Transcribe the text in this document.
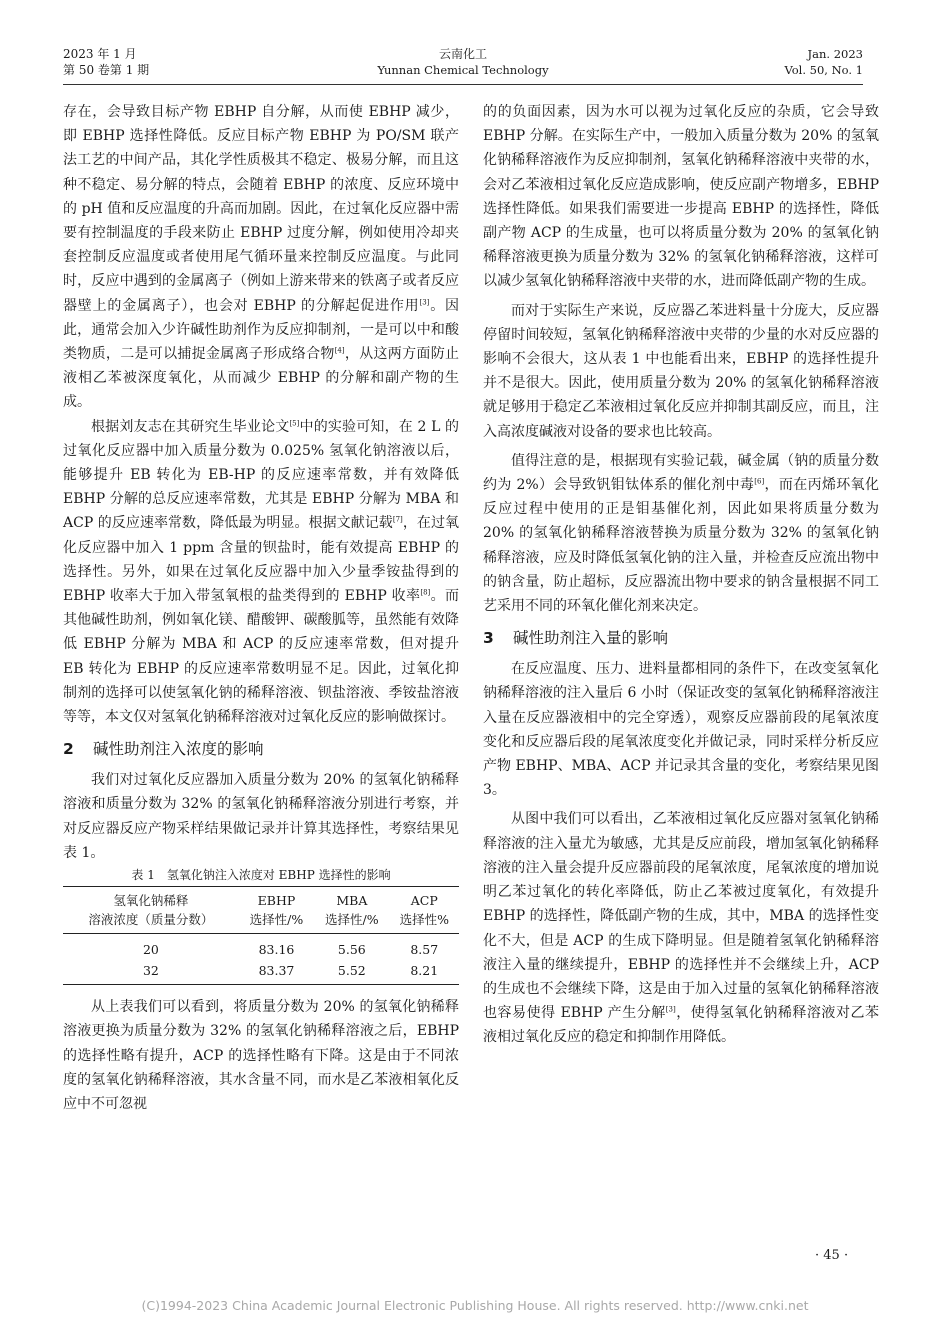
2023 年 1 月
第 50 卷第 1 期
云南化工
Yunnan Chemical Technology
Jan. 2023
Vol. 50, No. 1

存在，会导致目标产物 EBHP 自分解，从而使 EBHP 减少，即 EBHP 选择性降低。反应目标产物 EBHP 为 PO/SM 联产法工艺的中间产品，其化学性质极其不稳定、极易分解，而且这种不稳定、易分解的特点，会随着 EBHP 的浓度、反应环境中的 pH 值和反应温度的升高而加剧。因此，在过氧化反应器中需要有控制温度的手段来防止 EBHP 过度分解，例如使用冷却夹套控制反应温度或者使用尾气循环量来控制反应温度。与此同时，反应中遇到的金属离子（例如上游来带来的铁离子或者反应器壁上的金属离子），也会对 EBHP 的分解起促进作用[3]。因此，通常会加入少许碱性助剂作为反应抑制剂，一是可以中和酸类物质，二是可以捕捉金属离子形成络合物[4]，从这两方面防止液相乙苯被深度氧化，从而减少 EBHP 的分解和副产物的生成。

根据刘友志在其研究生毕业论文[5]中的实验可知，在 2 L 的过氧化反应器中加入质量分数为 0.025% 氢氧化钠溶液以后，能够提升 EB 转化为 EB-HP 的反应速率常数，并有效降低 EBHP 分解的总反应速率常数，尤其是 EBHP 分解为 MBA 和 ACP 的反应速率常数，降低最为明显。根据文献记载[7]，在过氧化反应器中加入 1 ppm 含量的钡盐时，能有效提高 EBHP 的选择性。另外，如果在过氧化反应器中加入少量季铵盐得到的 EBHP 收率大于加入带氢氧根的盐类得到的 EBHP 收率[8]。而其他碱性助剂，例如氧化镁、醋酸钾、碳酸胍等，虽然能有效降低 EBHP 分解为 MBA 和 ACP 的反应速率常数，但对提升 EB 转化为 EBHP 的反应速率常数明显不足。因此，过氧化抑制剂的选择可以使氢氧化钠的稀释溶液、钡盐溶液、季铵盐溶液等等，本文仅对氢氧化钠稀释溶液对过氧化反应的影响做探讨。

2 碱性助剂注入浓度的影响

我们对过氧化反应器加入质量分数为 20% 的氢氧化钠稀释溶液和质量分数为 32% 的氢氧化钠稀释溶液分别进行考察，并对反应器反应产物采样结果做记录并计算其选择性，考察结果见表 1。

表 1　氢氧化钠注入浓度对 EBHP 选择性的影响
氢氧化钠稀释	EBHP	MBA	ACP
溶液浓度（质量分数）	选择性/%	选择性/%	选择性%
20	83.16	5.56	8.57
32	83.37	5.52	8.21

从上表我们可以看到，将质量分数为 20% 的氢氧化钠稀释溶液更换为质量分数为 32% 的氢氧化钠稀释溶液之后，EBHP 的选择性略有提升，ACP 的选择性略有下降。这是由于不同浓度的氢氧化钠稀释溶液，其水含量不同，而水是乙苯液相氧化反应中不可忽视

的的负面因素，因为水可以视为过氧化反应的杂质，它会导致 EBHP 分解。在实际生产中，一般加入质量分数为 20% 的氢氧化钠稀释溶液作为反应抑制剂，氢氧化钠稀释溶液中夹带的水，会对乙苯液相过氧化反应造成影响，使反应副产物增多，EBHP 选择性降低。如果我们需要进一步提高 EBHP 的选择性，降低副产物 ACP 的生成量，也可以将质量分数为 20% 的氢氧化钠稀释溶液更换为质量分数为 32% 的氢氧化钠稀释溶液，这样可以减少氢氧化钠稀释溶液中夹带的水，进而降低副产物的生成。

而对于实际生产来说，反应器乙苯进料量十分庞大，反应器停留时间较短，氢氧化钠稀释溶液中夹带的少量的水对反应器的影响不会很大，这从表 1 中也能看出来，EBHP 的选择性提升并不是很大。因此，使用质量分数为 20% 的氢氧化钠稀释溶液就足够用于稳定乙苯液相过氧化反应并抑制其副反应，而且，注入高浓度碱液对设备的要求也比较高。

值得注意的是，根据现有实验记载，碱金属（钠的质量分数约为 2%）会导致钒钼钛体系的催化剂中毒[6]，而在丙烯环氧化反应过程中使用的正是钼基催化剂，因此如果将质量分数为 20% 的氢氧化钠稀释溶液替换为质量分数为 32% 的氢氧化钠稀释溶液，应及时降低氢氧化钠的注入量，并检查反应流出物中的钠含量，防止超标，反应器流出物中要求的钠含量根据不同工艺采用不同的环氧化催化剂来决定。

3 碱性助剂注入量的影响

在反应温度、压力、进料量都相同的条件下，在改变氢氧化钠稀释溶液的注入量后 6 小时（保证改变的氢氧化钠稀释溶液注入量在反应器液相中的完全穿透），观察反应器前段的尾氧浓度变化和反应器后段的尾氧浓度变化并做记录，同时采样分析反应产物 EBHP、MBA、ACP 并记录其含量的变化，考察结果见图 3。

从图中我们可以看出，乙苯液相过氧化反应器对氢氧化钠稀释溶液的注入量尤为敏感，尤其是反应前段，增加氢氧化钠稀释溶液的注入量会提升反应器前段的尾氧浓度，尾氧浓度的增加说明乙苯过氧化的转化率降低，防止乙苯被过度氧化，有效提升 EBHP 的选择性，降低副产物的生成，其中，MBA 的选择性变化不大，但是 ACP 的生成下降明显。但是随着氢氧化钠稀释溶液注入量的继续提升，EBHP 的选择性并不会继续上升，ACP 的生成也不会继续下降，这是由于加入过量的氢氧化钠稀释溶液也容易使得 EBHP 产生分解[3]，使得氢氧化钠稀释溶液对乙苯液相过氧化反应的稳定和抑制作用降低。

· 45 ·
(C)1994-2023 China Academic Journal Electronic Publishing House. All rights reserved. http://www.cnki.net
